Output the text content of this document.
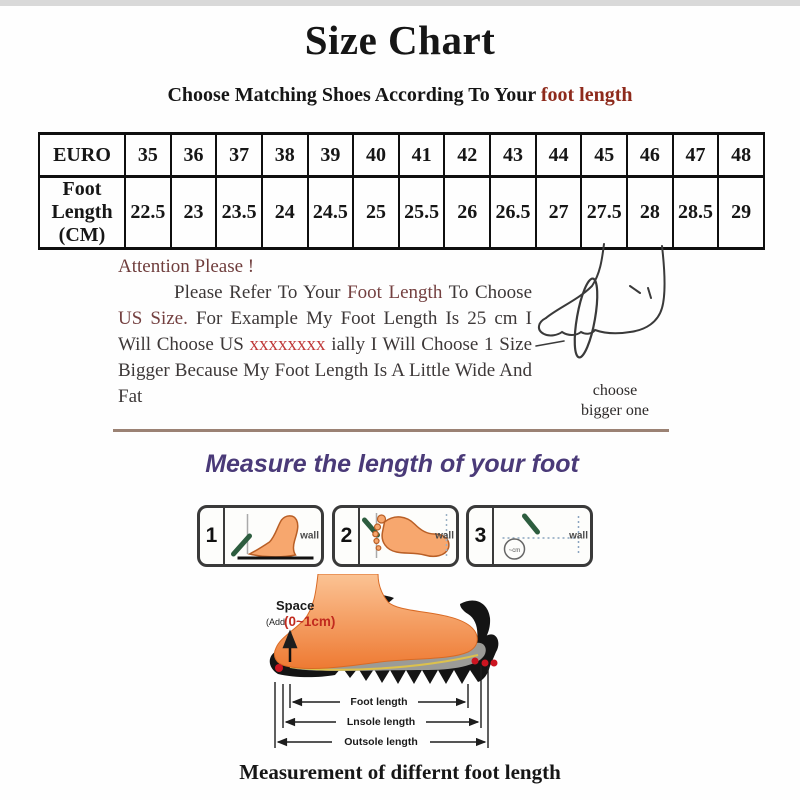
Size Chart
Choose Matching Shoes According To Your foot length
EURO	35	36	37	38	39	40	41	42	43	44	45	46	47	48
Foot Length (CM)	22.5	23	23.5	24	24.5	25	25.5	26	26.5	27	27.5	28	28.5	29
Attention Please !

Please Refer To Your Foot Length To Choose US Size. For Example My Foot Length Is 25 cm I Will Choose US xxxxxxxx ially I Will Choose 1 Size Bigger Because My Foot Length Is A Little Wide And Fat	choose
bigger one
Measure the length of your foot
1	wall 2	wall 3
~cm
wall
Space
(Add
(0~1cm)
Foot length
Lnsole length
Outsole length
Measurement of differnt foot length
